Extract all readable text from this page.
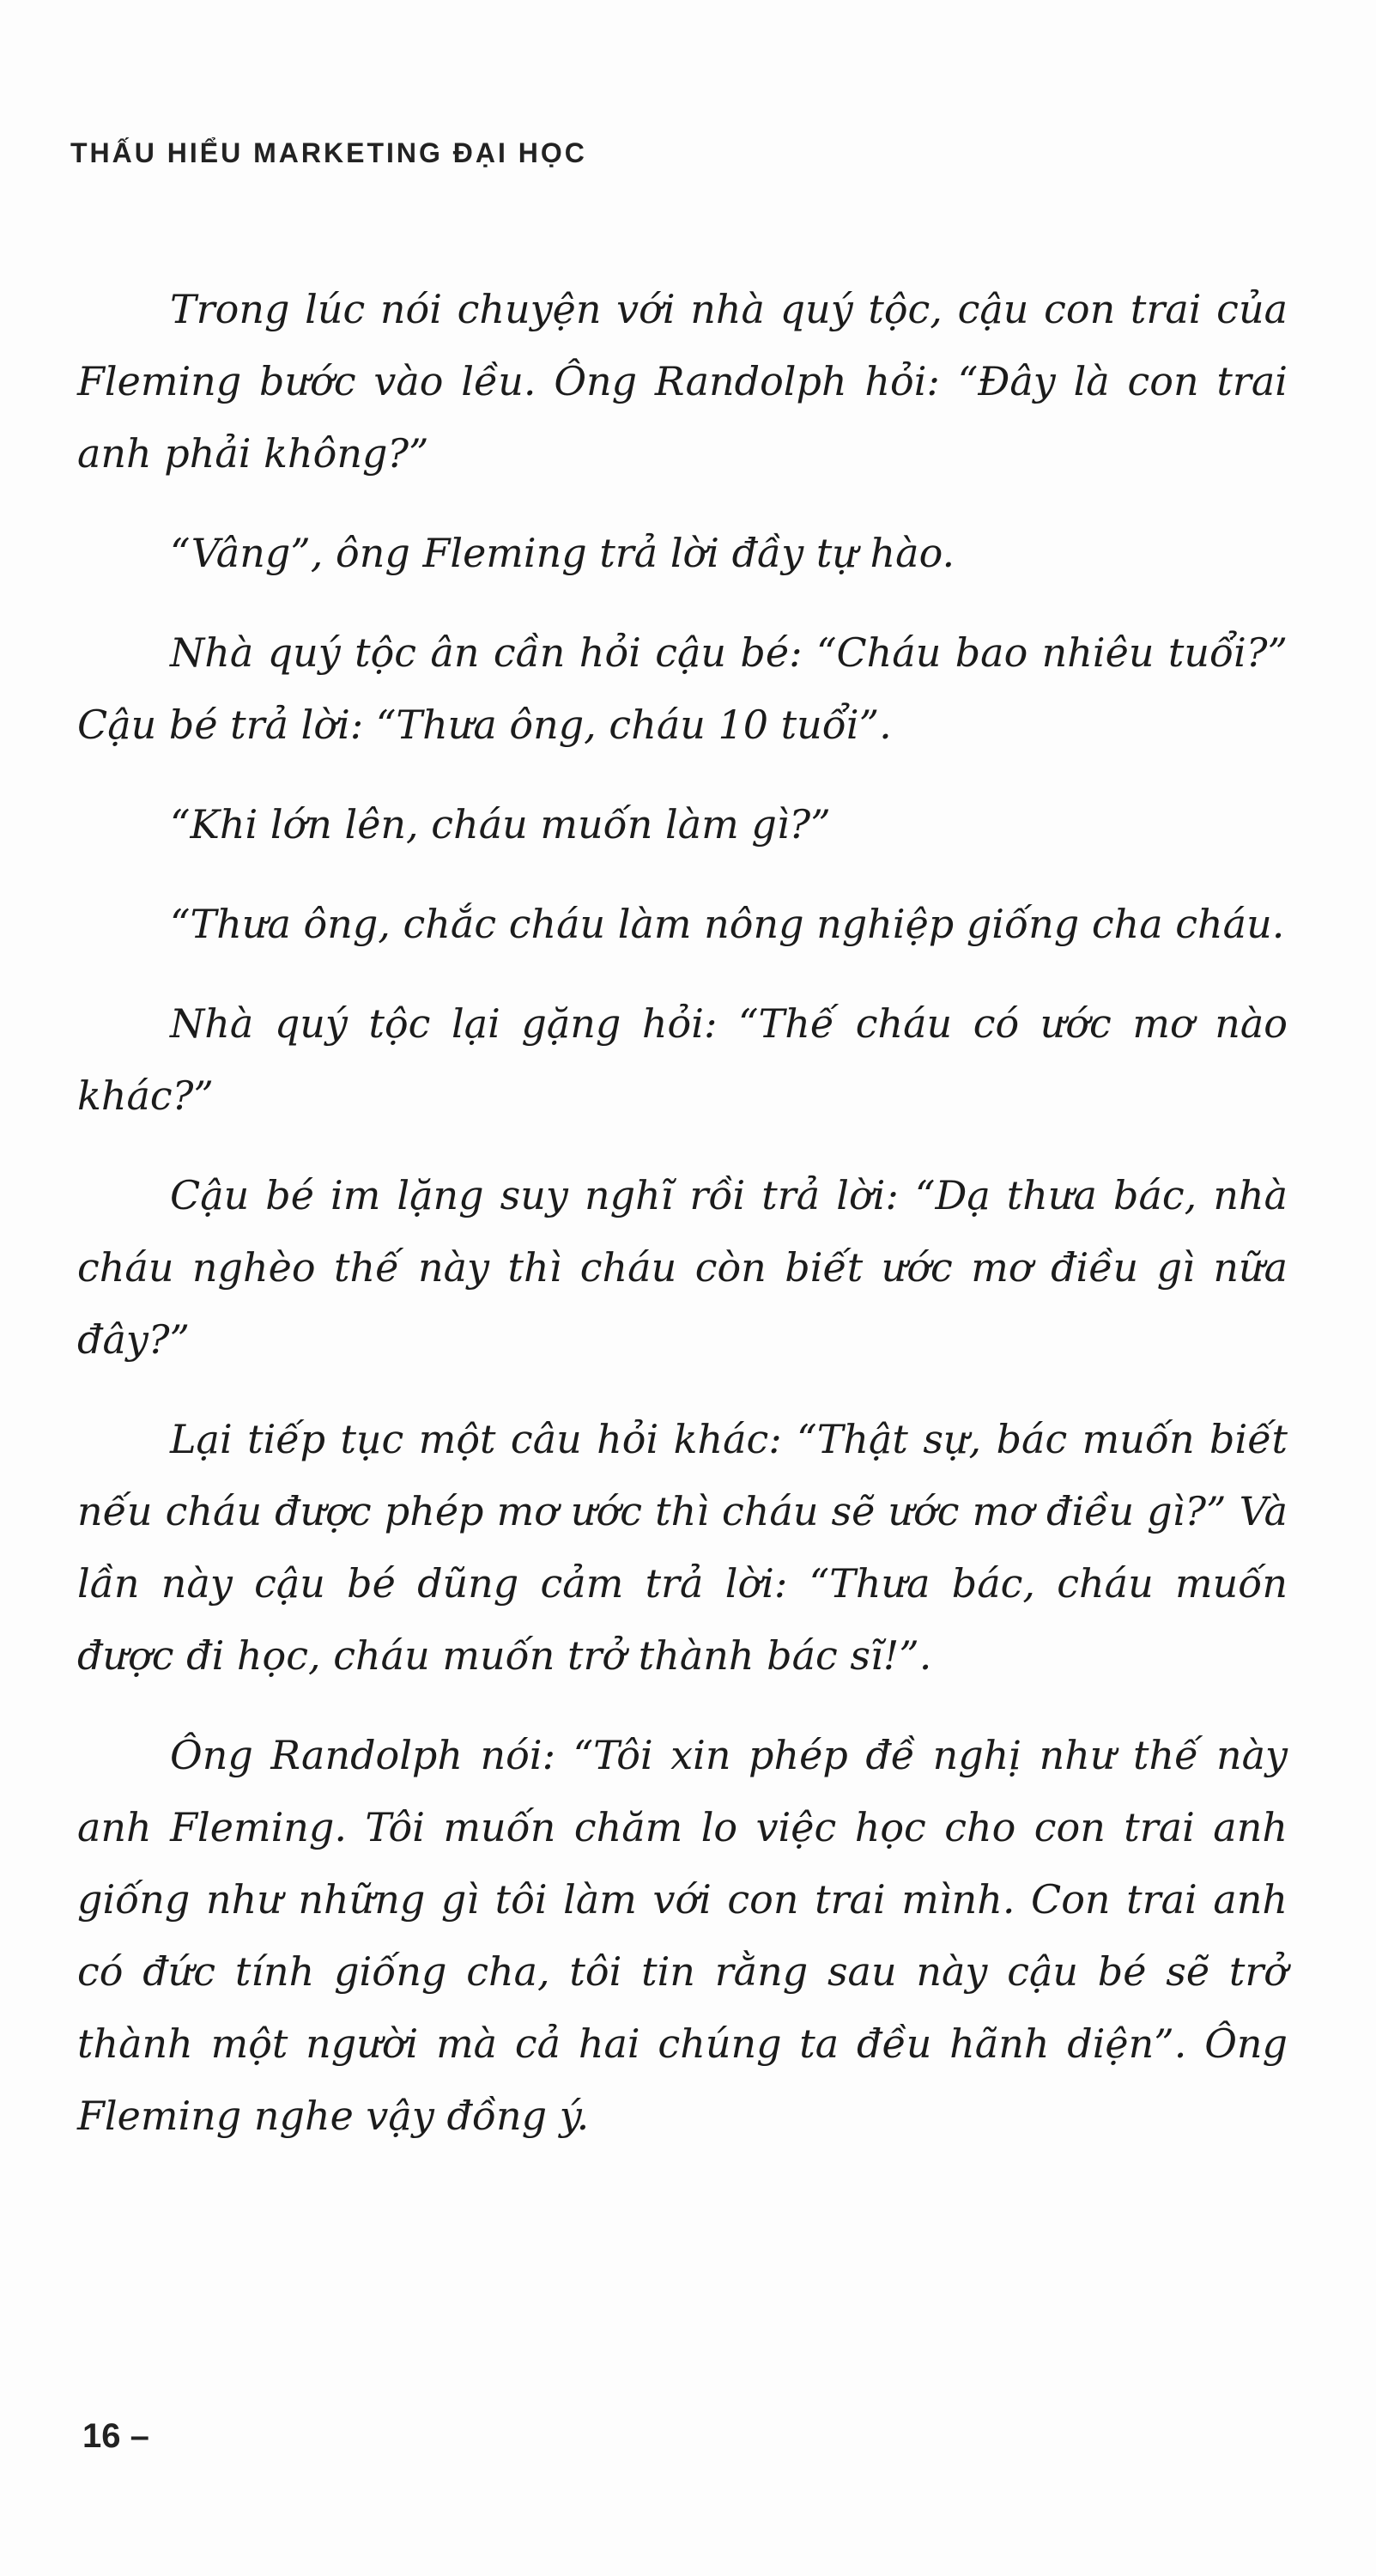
THẤU HIỂU MARKETING ĐẠI HỌC

Trong lúc nói chuyện với nhà quý tộc, cậu con trai của Fleming bước vào lều. Ông Randolph hỏi: “Đây là con trai anh phải không?”

“Vâng”, ông Fleming trả lời đầy tự hào.

Nhà quý tộc ân cần hỏi cậu bé: “Cháu bao nhiêu tuổi?” Cậu bé trả lời: “Thưa ông, cháu 10 tuổi”.

“Khi lớn lên, cháu muốn làm gì?”

“Thưa ông, chắc cháu làm nông nghiệp giống cha cháu.

Nhà quý tộc lại gặng hỏi: “Thế cháu có ước mơ nào khác?”

Cậu bé im lặng suy nghĩ rồi trả lời: “Dạ thưa bác, nhà cháu nghèo thế này thì cháu còn biết ước mơ điều gì nữa đây?”

Lại tiếp tục một câu hỏi khác: “Thật sự, bác muốn biết nếu cháu được phép mơ ước thì cháu sẽ ước mơ điều gì?” Và lần này cậu bé dũng cảm trả lời: “Thưa bác, cháu muốn được đi học, cháu muốn trở thành bác sĩ!”.

Ông Randolph nói: “Tôi xin phép đề nghị như thế này anh Fleming. Tôi muốn chăm lo việc học cho con trai anh giống như những gì tôi làm với con trai mình. Con trai anh có đức tính giống cha, tôi tin rằng sau này cậu bé sẽ trở thành một người mà cả hai chúng ta đều hãnh diện”. Ông Fleming nghe vậy đồng ý.

16 –
